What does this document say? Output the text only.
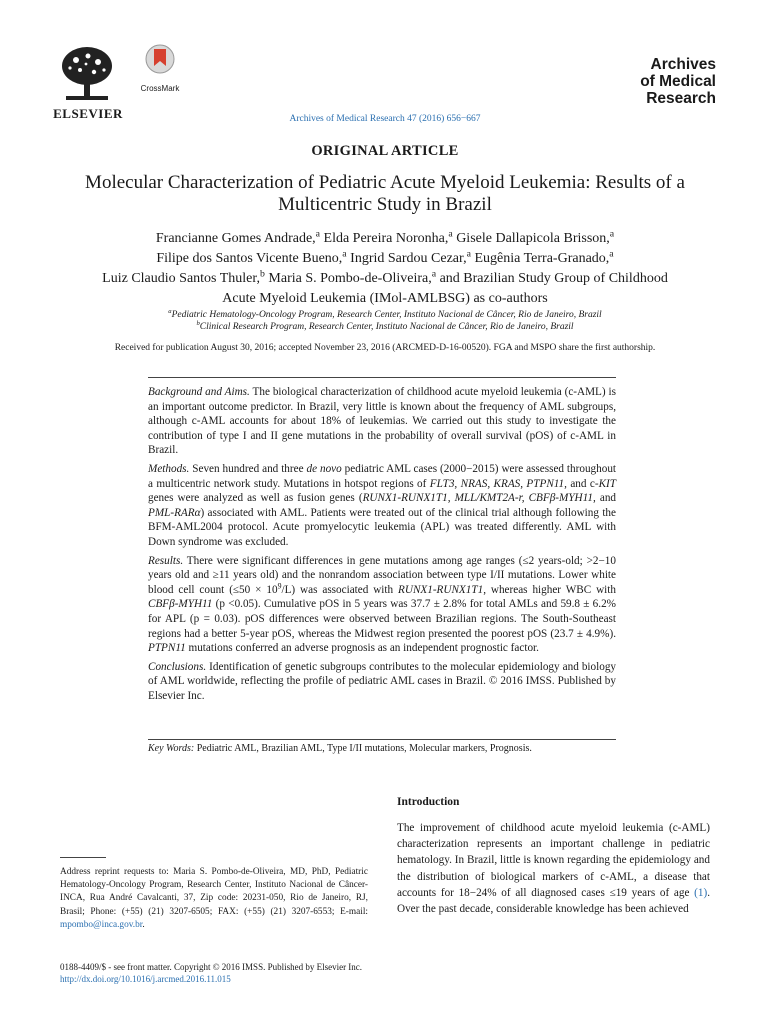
ELSEVIER
CrossMark
Archives
of Medical
Research
Archives of Medical Research 47 (2016) 656−667
ORIGINAL ARTICLE
Molecular Characterization of Pediatric Acute Myeloid Leukemia: Results of a Multicentric Study in Brazil
Francianne Gomes Andrade,$^a$ Elda Pereira Noronha,$^a$ Gisele Dallapicola Brisson,$^a$
Filipe dos Santos Vicente Bueno,$^a$ Ingrid Sardou Cezar,$^a$ Eugênia Terra-Granado,$^a$
Luiz Claudio Santos Thuler,$^b$ Maria S. Pombo-de-Oliveira,$^a$ and Brazilian Study Group of Childhood
Acute Myeloid Leukemia (IMol-AMLBSG) as co-authors
$^a$Pediatric Hematology-Oncology Program, Research Center, Instituto Nacional de Câncer, Rio de Janeiro, Brazil
$^b$Clinical Research Program, Research Center, Instituto Nacional de Câncer, Rio de Janeiro, Brazil
Received for publication August 30, 2016; accepted November 23, 2016 (ARCMED-D-16-00520). FGA and MSPO share the first authorship.

Background and Aims. The biological characterization of childhood acute myeloid leukemia (c-AML) is an important outcome predictor. In Brazil, very little is known about the frequency of AML subgroups, although c-AML accounts for about 18% of leukemias. We carried out this study to investigate the contribution of type I and II gene mutations in the probability of overall survival (pOS) of c-AML in Brazil.

Methods. Seven hundred and three de novo pediatric AML cases (2000−2015) were assessed throughout a multicentric network study. Mutations in hotspot regions of FLT3, NRAS, KRAS, PTPN11, and c-KIT genes were analyzed as well as fusion genes (RUNX1-RUNX1T1, MLL/KMT2A-r, CBFβ-MYH11, and PML-RARα) associated with AML. Patients were treated out of the clinical trial although following the BFM-AML2004 protocol. Acute promyelocytic leukemia (APL) was treated differently. AML with Down syndrome was excluded.

Results. There were significant differences in gene mutations among age ranges (≤2 years-old; >2−10 years old and ≥11 years old) and the nonrandom association between type I/II mutations. Lower white blood cell count $(\le 50 \times 10^9/L)$ was associated with RUNX1-RUNX1T1, whereas higher WBC with CBFβ-MYH11 (p <0.05). Cumulative pOS in 5 years was 37.7 ± 2.8% for total AMLs and 59.8 ± 6.2% for APL (p = 0.03). pOS differences were observed between Brazilian regions. The South-Southeast regions had a better 5-year pOS, whereas the Midwest region presented the poorest pOS (23.7 ± 4.9%). PTPN11 mutations conferred an adverse prognosis as an independent prognostic factor.

Conclusions. Identification of genetic subgroups contributes to the molecular epidemiology and biology of AML worldwide, reflecting the profile of pediatric AML cases in Brazil. © 2016 IMSS. Published by Elsevier Inc.

Key Words: Pediatric AML, Brazilian AML, Type I/II mutations, Molecular markers, Prognosis.
Introduction
The improvement of childhood acute myeloid leukemia (c-AML) characterization represents an important challenge in pediatric hematology. In Brazil, little is known regarding the epidemiology and the distribution of biological markers of c-AML, a disease that accounts for 18−24% of all diagnosed cases ≤19 years of age (1). Over the past decade, considerable knowledge has been achieved
Address reprint requests to: Maria S. Pombo-de-Oliveira, MD, PhD, Pediatric Hematology-Oncology Program, Research Center, Instituto Nacional de Câncer-INCA, Rua André Cavalcanti, 37, Zip code: 20231-050, Rio de Janeiro, RJ, Brasil; Phone: (+55) (21) 3207-6505; FAX: (+55) (21) 3207-6553; E-mail: mpombo@inca.gov.br.
0188-4409/$ - see front matter. Copyright © 2016 IMSS. Published by Elsevier Inc.
http://dx.doi.org/10.1016/j.arcmed.2016.11.015
